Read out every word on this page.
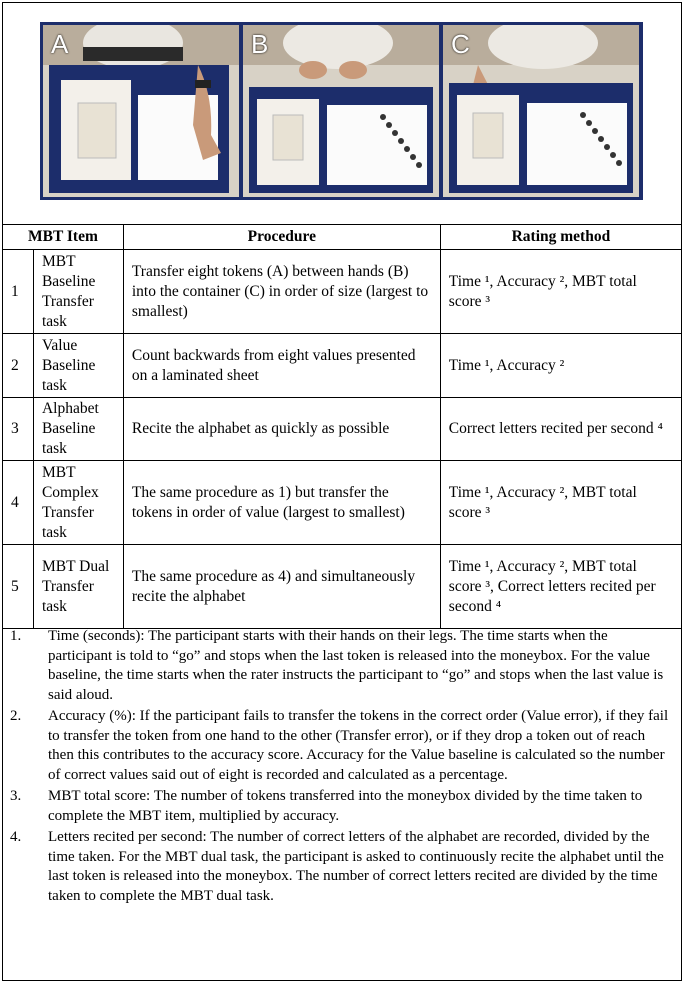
A	B	C
MBT Item		Procedure	Rating method
1	MBT Baseline Transfer task	Transfer eight tokens (A) between hands (B) into the container (C) in order of size (largest to smallest)	Time ¹, Accuracy ², MBT total score ³
2	Value Baseline task	Count backwards from eight values presented on a laminated sheet	Time ¹, Accuracy ²
3	Alphabet Baseline task	Recite the alphabet as quickly as possible	Correct letters recited per second ⁴
4	MBT Complex Transfer task	The same procedure as 1) but transfer the tokens in order of value (largest to smallest)	Time ¹, Accuracy ², MBT total score ³
5	MBT Dual Transfer task	The same procedure as 4) and simultaneously recite the alphabet	Time ¹, Accuracy ², MBT total score ³, Correct letters recited per second ⁴
1.	Time (seconds): The participant starts with their hands on their legs. The time starts when the participant is told to “go” and stops when the last token is released into the moneybox. For the value baseline, the time starts when the rater instructs the participant to “go” and stops when the last value is said aloud.
2.	Accuracy (%): If the participant fails to transfer the tokens in the correct order (Value error), if they fail to transfer the token from one hand to the other (Transfer error), or if they drop a token out of reach then this contributes to the accuracy score. Accuracy for the Value baseline is calculated so the number of correct values said out of eight is recorded and calculated as a percentage.
3.	MBT total score: The number of tokens transferred into the moneybox divided by the time taken to complete the MBT item, multiplied by accuracy.
4.	Letters recited per second: The number of correct letters of the alphabet are recorded, divided by the time taken. For the MBT dual task, the participant is asked to continuously recite the alphabet until the last token is released into the moneybox. The number of correct letters recited are divided by the time taken to complete the MBT dual task.
